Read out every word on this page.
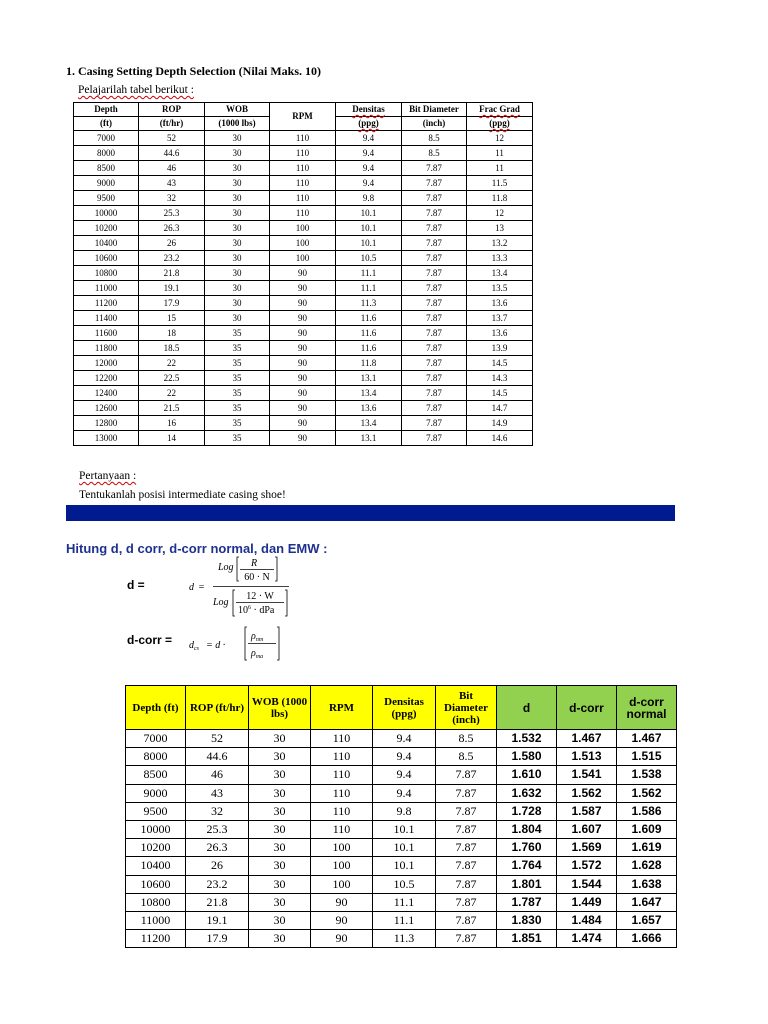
1. Casing Setting Depth Selection (Nilai Maks. 10)
Pelajarilah tabel berikut :
Depth	ROP	WOB	RPM	Densitas	Bit Diameter	Frac Grad
(ft)	(ft/hr)	(1000 lbs)		(ppg)	(inch)	(ppg)
7000	52	30	110	9.4	8.5	12
8000	44.6	30	110	9.4	8.5	11
8500	46	30	110	9.4	7.87	11
9000	43	30	110	9.4	7.87	11.5
9500	32	30	110	9.8	7.87	11.8
10000	25.3	30	110	10.1	7.87	12
10200	26.3	30	100	10.1	7.87	13
10400	26	30	100	10.1	7.87	13.2
10600	23.2	30	100	10.5	7.87	13.3
10800	21.8	30	90	11.1	7.87	13.4
11000	19.1	30	90	11.1	7.87	13.5
11200	17.9	30	90	11.3	7.87	13.6
11400	15	30	90	11.6	7.87	13.7
11600	18	35	90	11.6	7.87	13.6
11800	18.5	35	90	11.6	7.87	13.9
12000	22	35	90	11.8	7.87	14.5
12200	22.5	35	90	13.1	7.87	14.3
12400	22	35	90	13.4	7.87	14.5
12600	21.5	35	90	13.6	7.87	14.7
12800	16	35	90	13.4	7.87	14.9
13000	14	35	90	13.1	7.87	14.6
Pertanyaan :
Tentukanlah posisi intermediate casing shoe!
Hitung d, d corr, d-corr normal, dan EMW :
d =
d-corr =
d =
Log R
60 · N
Log
12 · W
$10^6$ · dPa
$d_{cs} = d$ ·
$\rho_{nm}$
$\rho_{ma}$
Depth (ft)	ROP (ft/hr)	WOB (1000 lbs)	RPM	Densitas (ppg)	Bit Diameter (inch)	d	d-corr	d-corr normal
7000	52	30	110	9.4	8.5	1.532	1.467	1.467
8000	44.6	30	110	9.4	8.5	1.580	1.513	1.515
8500	46	30	110	9.4	7.87	1.610	1.541	1.538
9000	43	30	110	9.4	7.87	1.632	1.562	1.562
9500	32	30	110	9.8	7.87	1.728	1.587	1.586
10000	25.3	30	110	10.1	7.87	1.804	1.607	1.609
10200	26.3	30	100	10.1	7.87	1.760	1.569	1.619
10400	26	30	100	10.1	7.87	1.764	1.572	1.628
10600	23.2	30	100	10.5	7.87	1.801	1.544	1.638
10800	21.8	30	90	11.1	7.87	1.787	1.449	1.647
11000	19.1	30	90	11.1	7.87	1.830	1.484	1.657
11200	17.9	30	90	11.3	7.87	1.851	1.474	1.666
